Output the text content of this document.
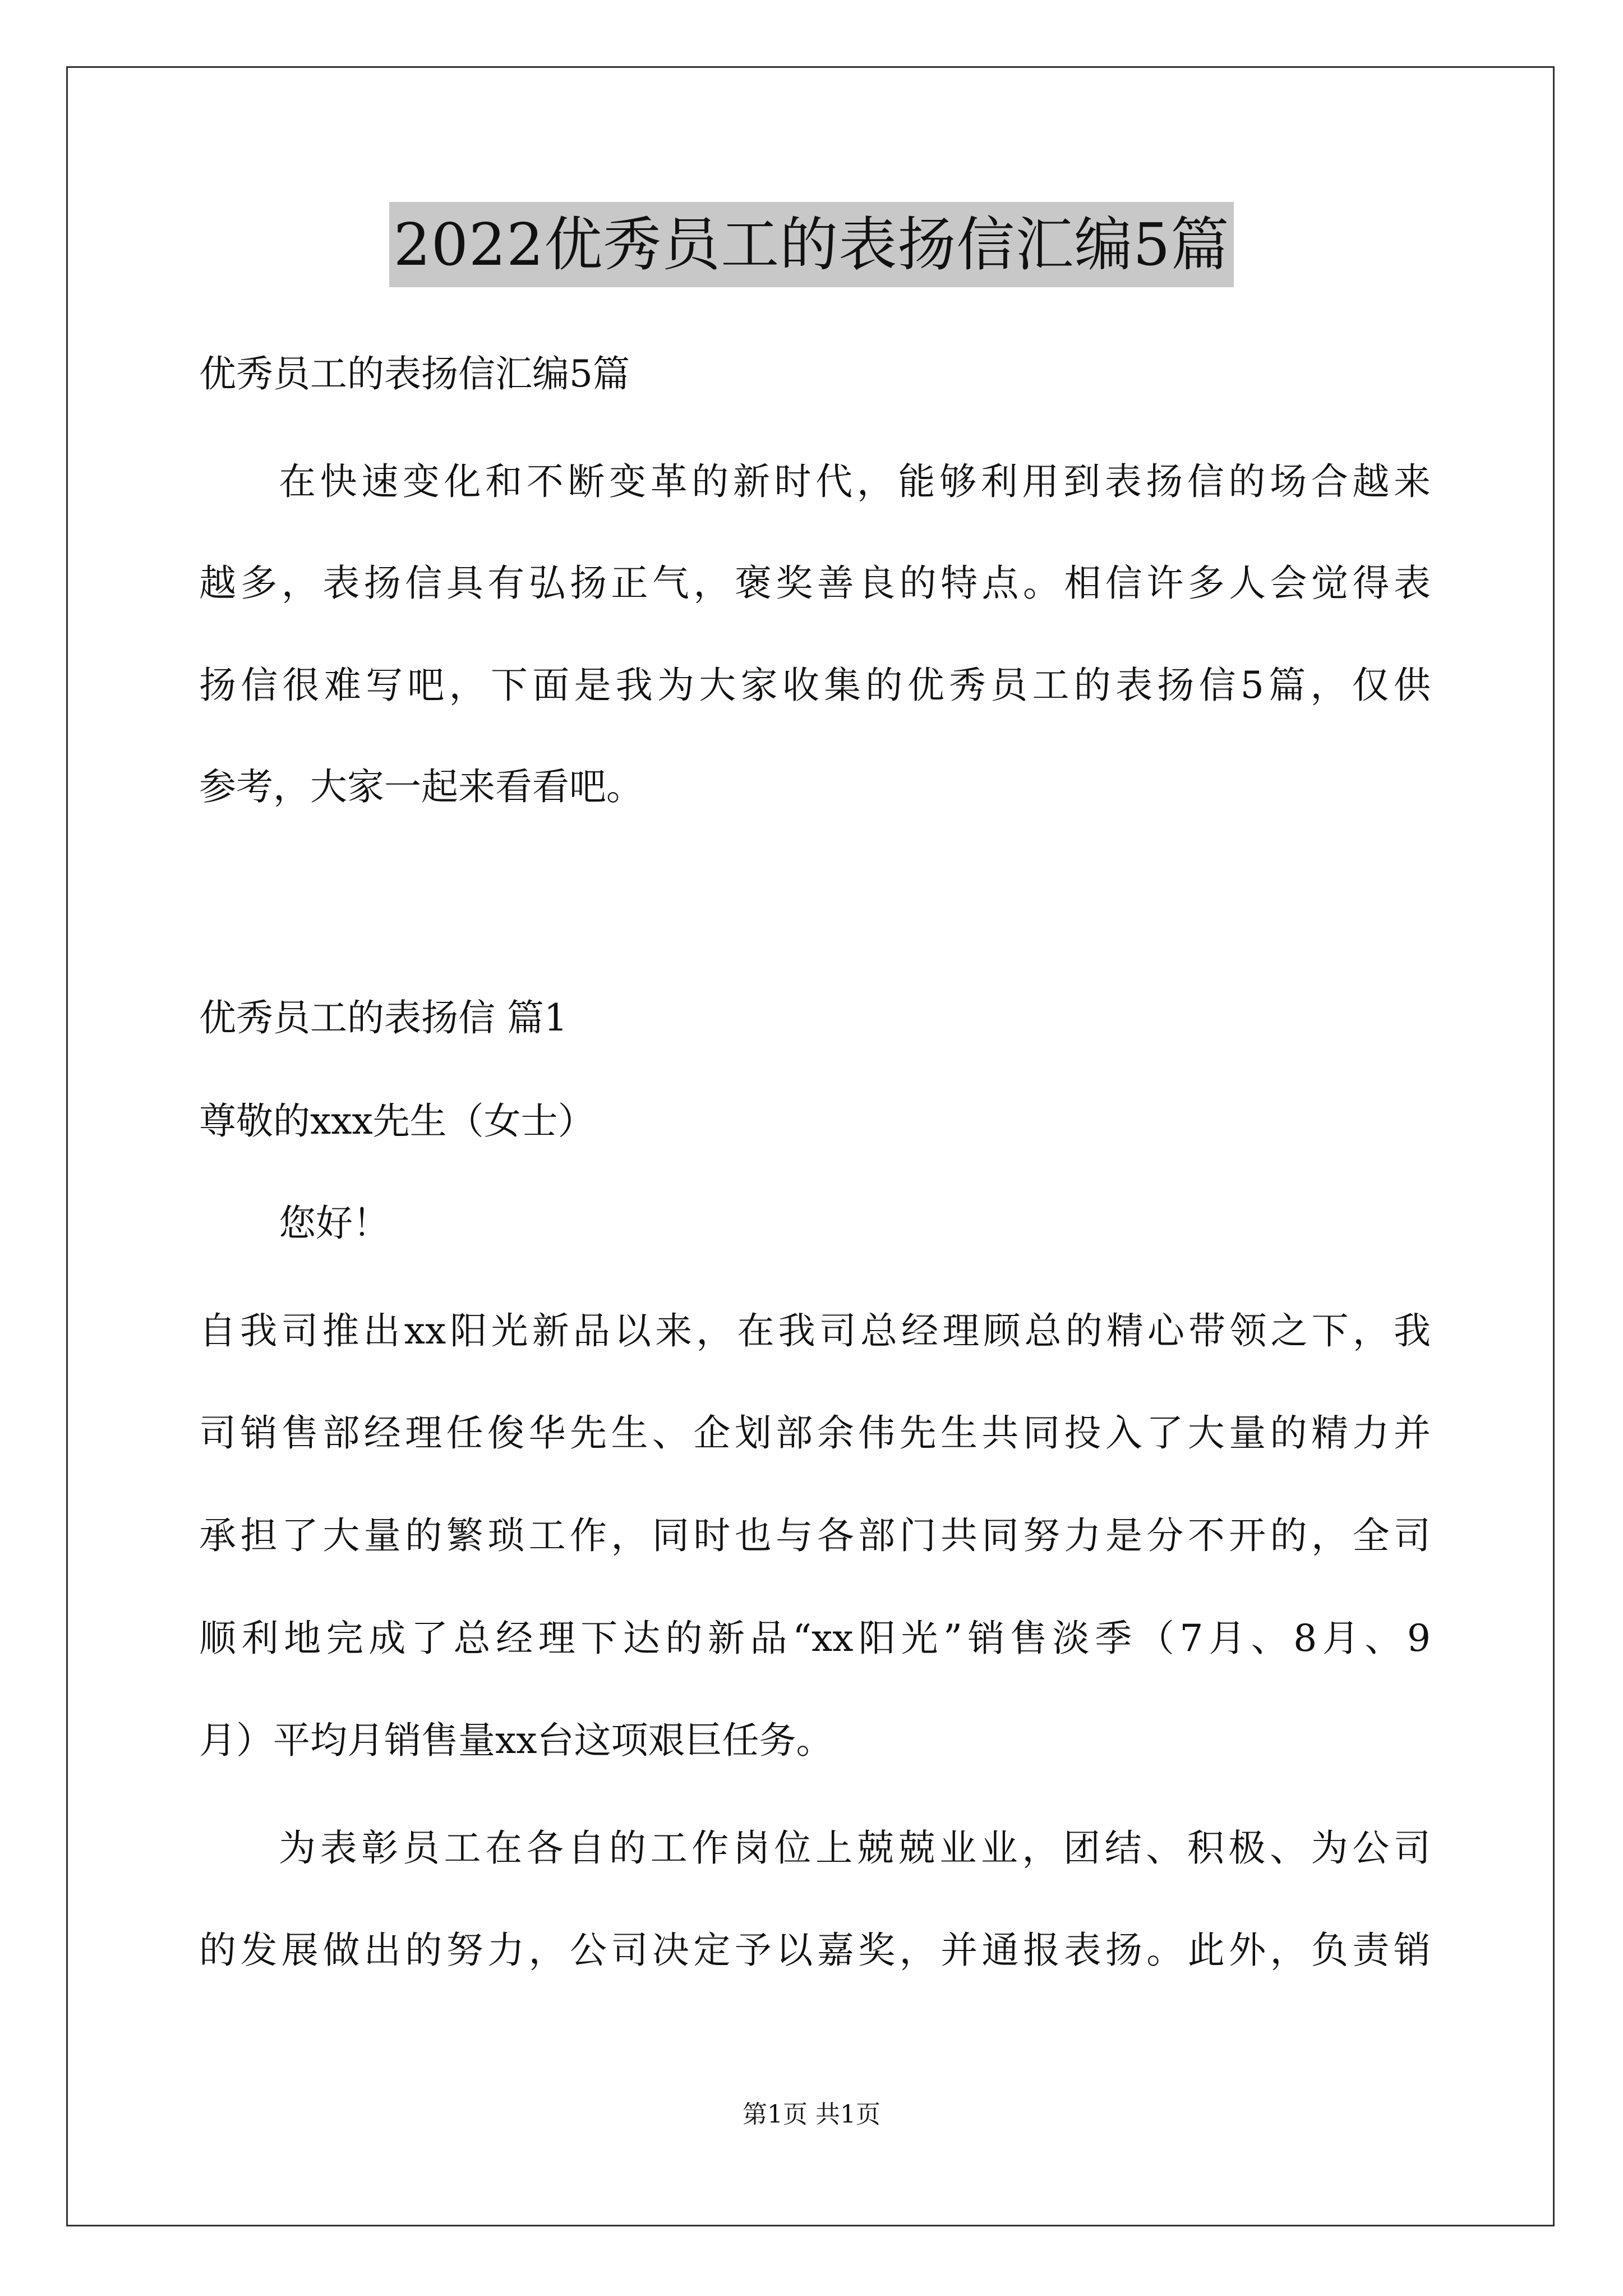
2022优秀员工的表扬信汇编5篇
优秀员工的表扬信汇编5篇
在快速变化和不断变革的新时代，能够利用到表扬信的场合越来
越多，表扬信具有弘扬正气，褒奖善良的特点。相信许多人会觉得表
扬信很难写吧，下面是我为大家收集的优秀员工的表扬信5篇，仅供
参考，大家一起来看看吧。
优秀员工的表扬信 篇1
尊敬的xxx先生（女士）
您好！
自我司推出xx阳光新品以来，在我司总经理顾总的精心带领之下，我
司销售部经理任俊华先生、企划部余伟先生共同投入了大量的精力并
承担了大量的繁琐工作，同时也与各部门共同努力是分不开的，全司
顺利地完成了总经理下达的新品“xx阳光”销售淡季（7月、8月、9
月）平均月销售量xx台这项艰巨任务。
为表彰员工在各自的工作岗位上兢兢业业，团结、积极、为公司
的发展做出的努力，公司决定予以嘉奖，并通报表扬。此外，负责销
第1页 共1页
